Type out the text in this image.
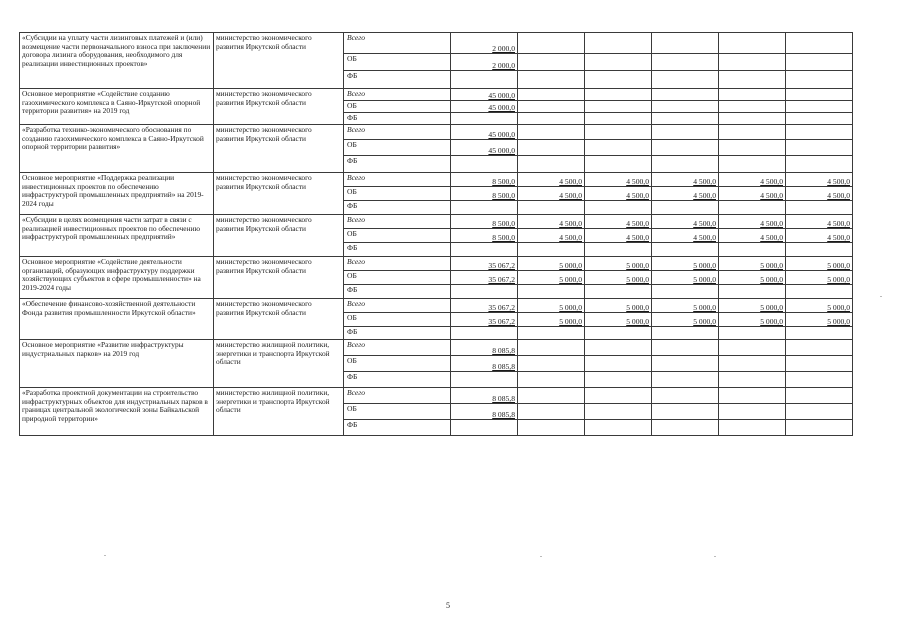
«Субсидии на уплату части лизинговых платежей и (или) возмещение части первоначального взноса при заключении договора лизинга оборудования, необходимого для реализации инвестиционных проектов»	министерство экономического развития Иркутской области	Всего	2 000,0					
		ОБ	2 000,0					
		ФБ						
Основное мероприятие «Содействие созданию газохимического комплекса в Саяно-Иркутской опорной территории развития» на 2019 год	министерство экономического развития Иркутской области	Всего	45 000,0					
		ОБ	45 000,0					
		ФБ						
«Разработка технико-экономического обоснования по созданию газохимического комплекса в Саяно-Иркутской опорной территории развития»	министерство экономического развития Иркутской области	Всего	45 000,0					
		ОБ	45 000,0					
		ФБ						
Основное мероприятие «Поддержка реализации инвестиционных проектов по обеспечению инфраструктурой промышленных предприятий» на 2019-2024 годы	министерство экономического развития Иркутской области	Всего	8 500,0	4 500,0	4 500,0	4 500,0	4 500,0	4 500,0
		ОБ	8 500,0	4 500,0	4 500,0	4 500,0	4 500,0	4 500,0
		ФБ						
«Субсидии в целях возмещения части затрат в связи с реализацией инвестиционных проектов по обеспечению инфраструктурой промышленных предприятий»	министерство экономического развития Иркутской области	Всего	8 500,0	4 500,0	4 500,0	4 500,0	4 500,0	4 500,0
		ОБ	8 500,0	4 500,0	4 500,0	4 500,0	4 500,0	4 500,0
		ФБ						
Основное мероприятие «Содействие деятельности организаций, образующих инфраструктуру поддержки хозяйствующих субъектов в сфере промышленности» на 2019-2024 годы	министерство экономического развития Иркутской области	Всего	35 067,2	5 000,0	5 000,0	5 000,0	5 000,0	5 000,0
		ОБ	35 067,2	5 000,0	5 000,0	5 000,0	5 000,0	5 000,0
		ФБ						
«Обеспечение финансово-хозяйственной деятельности Фонда развития промышленности Иркутской области»	министерство экономического развития Иркутской области	Всего	35 067,2	5 000,0	5 000,0	5 000,0	5 000,0	5 000,0
		ОБ	35 067,2	5 000,0	5 000,0	5 000,0	5 000,0	5 000,0
		ФБ						
Основное мероприятие «Развитие инфраструктуры индустриальных парков» на 2019 год	министерство жилищной политики, энергетики и транспорта Иркутской области	Всего	8 085,8					
		ОБ	8 085,8					
		ФБ						
«Разработка проектной документации на строительство инфраструктурных объектов для индустриальных парков в границах центральной экологической зоны Байкальской природной территории»	министерство жилищной политики, энергетики и транспорта Иркутской области	Всего	8 085,8					
		ОБ	8 085,8					
		ФБ						
5
